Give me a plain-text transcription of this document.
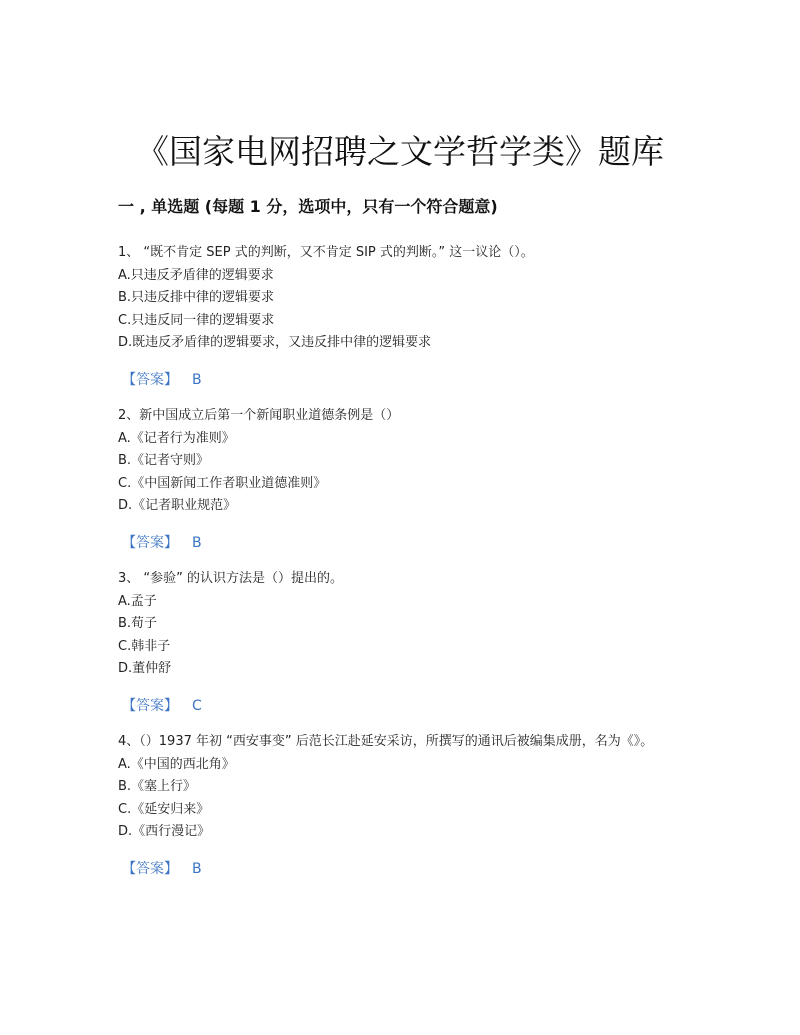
《国家电网招聘之文学哲学类》题库
一 , 单选题 (每题 1 分，选项中，只有一个符合题意)

1、 “既不肯定 SEP 式的判断，又不肯定 SIP 式的判断。” 这一议论（）。

A.只违反矛盾律的逻辑要求

B.只违反排中律的逻辑要求

C.只违反同一律的逻辑要求

D.既违反矛盾律的逻辑要求，又违反排中律的逻辑要求

【答案】 B

2、新中国成立后第一个新闻职业道德条例是（）

A.《记者行为准则》

B.《记者守则》

C.《中国新闻工作者职业道德准则》

D.《记者职业规范》

【答案】 B

3、 “参验” 的认识方法是（）提出的。

A.孟子

B.荀子

C.韩非子

D.董仲舒

【答案】 C

4、（）1937 年初 “西安事变” 后范长江赴延安采访，所撰写的通讯后被编集成册，名为《》。

A.《中国的西北角》

B.《塞上行》

C.《延安归来》

D.《西行漫记》

【答案】 B
